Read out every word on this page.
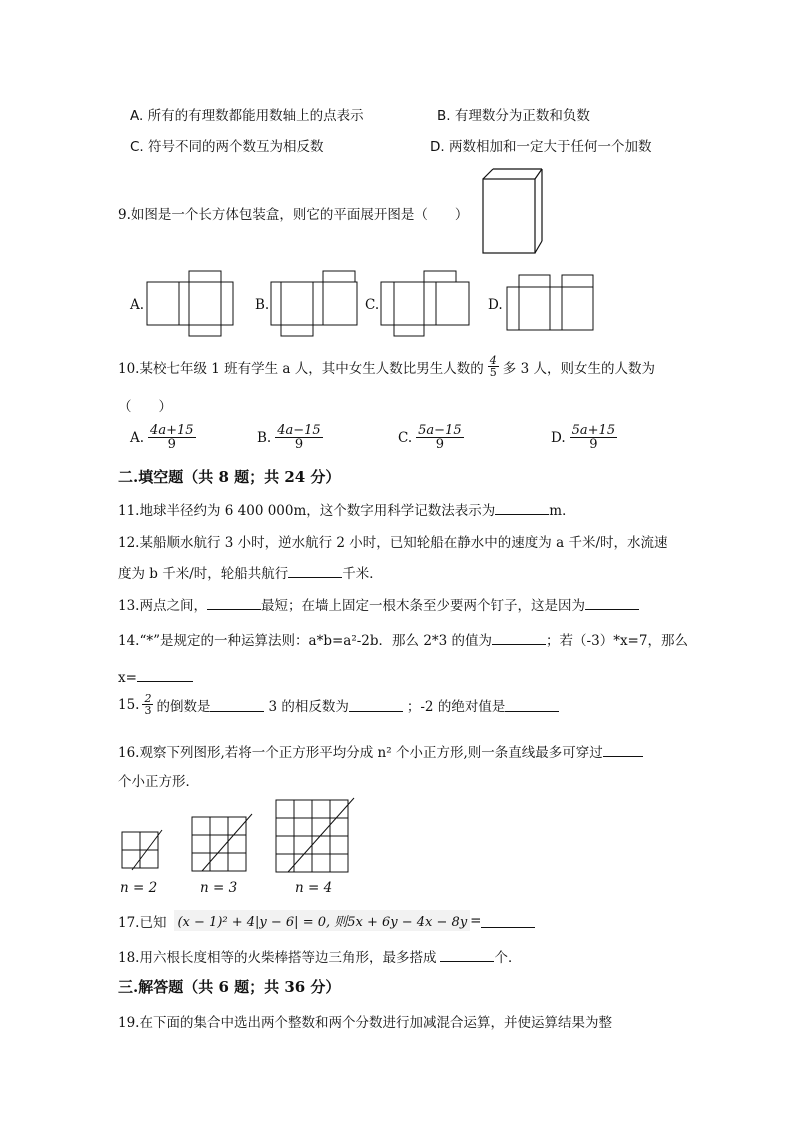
A. 所有的有理数都能用数轴上的点表示	B. 有理数分为正数和负数
C. 符号不同的两个数互为相反数	D. 两数相加和一定大于任何一个加数
9.如图是一个长方体包装盒，则它的平面展开图是（　　）
A.	B.	C.	D.
10.某校七年级 1 班有学生 a 人，其中女生人数比男生人数的 $\frac{4}{5}$ 多 3 人，则女生的人数为
（　　）
A. $\frac{4a+15}{9}$	B. $\frac{4a-15}{9}$	C. $\frac{5a-15}{9}$	D. $\frac{5a+15}{9}$
二.填空题（共 8 题；共 24 分）
11.地球半径约为 6 400 000m，这个数字用科学记数法表示为	m．
12.某船顺水航行 3 小时，逆水航行 2 小时，已知轮船在静水中的速度为 a 千米/时，水流速
度为 b 千米/时，轮船共航行	千米．
13.两点之间，	最短；在墙上固定一根木条至少要两个钉子，这是因为
14.“*”是规定的一种运算法则：a*b=a²-2b．那么 2*3 的值为	；若（-3）*x=7，那么
x=
15. $\frac{2}{3}$ 的倒数是	3 的相反数为	；-2 的绝对值是
16.观察下列图形,若将一个正方形平均分成 n² 个小正方形,则一条直线最多可穿过
个小正方形．
n = 2	n = 3	n = 4
17.已知 (x − 1)² + 4|y − 6| = 0, 则5x + 6y − 4x − 8y =
18.用六根长度相等的火柴棒搭等边三角形，最多搭成	个．
三.解答题（共 6 题；共 36 分）
19.在下面的集合中选出两个整数和两个分数进行加减混合运算，并使运算结果为整
